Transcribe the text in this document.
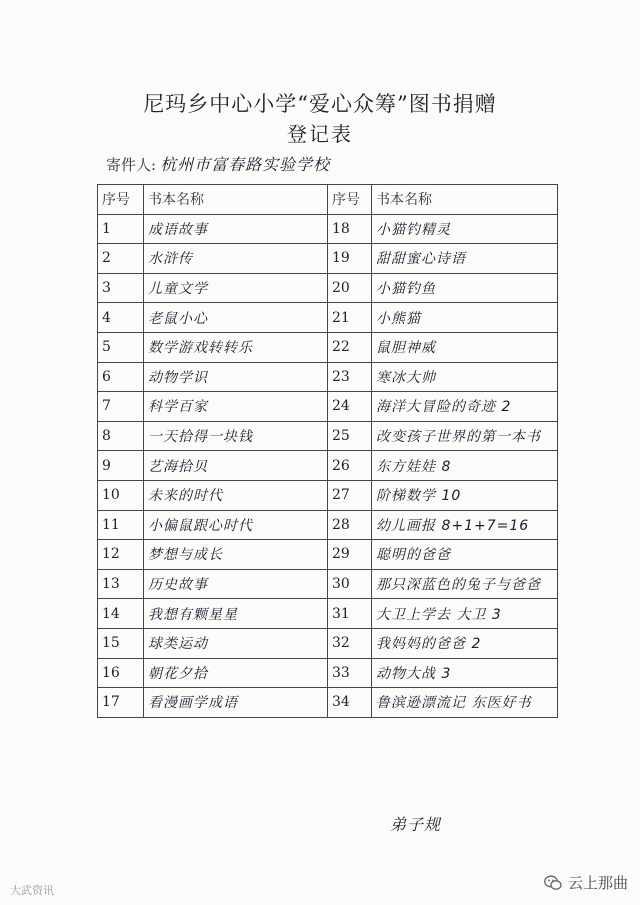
尼玛乡中心小学“爱心众筹”图书捐赠
登记表
寄件人: 杭州市富春路实验学校
序号	书本名称	序号	书本名称
1	成语故事	18	小猫钓精灵
2	水浒传	19	甜甜蜜心诗语
3	儿童文学	20	小猫钓鱼
4	老鼠小心	21	小熊猫
5	数学游戏转转乐	22	鼠胆神威
6	动物学识	23	寒冰大帅
7	科学百家	24	海洋大冒险的奇迹 2
8	一天拾得一块钱	25	改变孩子世界的第一本书
9	艺海拾贝	26	东方娃娃 8
10	未来的时代	27	阶梯数学 10
11	小偏鼠跟心时代	28	幼儿画报 8+1+7=16
12	梦想与成长	29	聪明的爸爸
13	历史故事	30	那只深蓝色的兔子与爸爸
14	我想有颗星星	31	大卫上学去 大卫 3
15	球类运动	32	我妈妈的爸爸 2
16	朝花夕拾	33	动物大战 3
17	看漫画学成语	34	鲁滨逊漂流记 东医好书
弟子规
大武资讯	云上那曲
